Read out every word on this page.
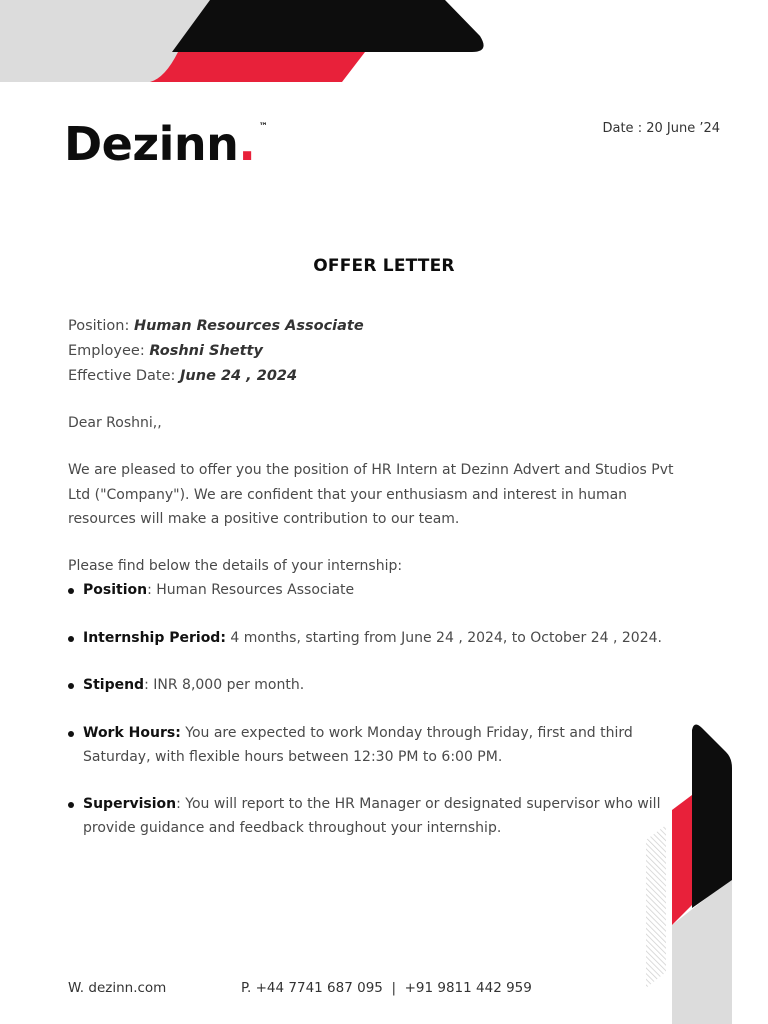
Dezinn. ™	Date : 20 June ’24
OFFER LETTER
Position: Human Resources Associate
Employee: Roshni Shetty
Effective Date: June 24 , 2024
Dear Roshni,,
We are pleased to offer you the position of HR Intern at Dezinn Advert and Studios Pvt Ltd ("Company"). We are confident that your enthusiasm and interest in human resources will make a positive contribution to our team.
Please find below the details of your internship:
Position: Human Resources Associate
Internship Period: 4 months, starting from June 24 , 2024, to October 24 , 2024.
Stipend: INR 8,000 per month.
Work Hours: You are expected to work Monday through Friday, first and third Saturday, with flexible hours between 12:30 PM to 6:00 PM.
Supervision: You will report to the HR Manager or designated supervisor who will provide guidance and feedback throughout your internship.
W. dezinn.com	P. +44 7741 687 095  |  +91 9811 442 959
